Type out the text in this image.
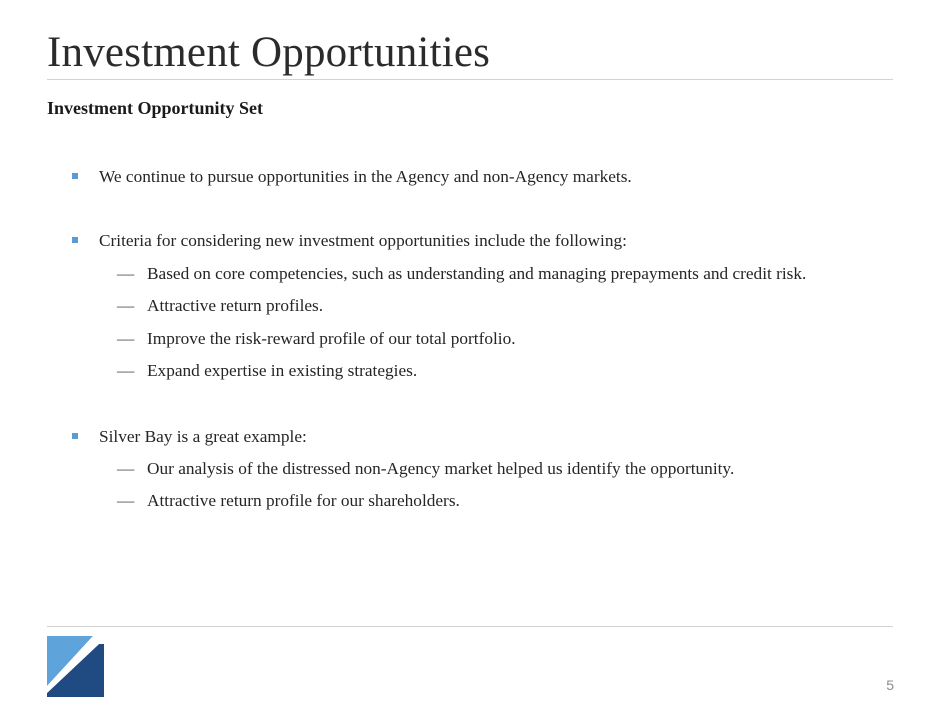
Investment Opportunities
Investment Opportunity Set
We continue to pursue opportunities in the Agency and non-Agency markets.
Criteria for considering new investment opportunities include the following:
— Based on core competencies, such as understanding and managing prepayments and credit risk.
— Attractive return profiles.
— Improve the risk-reward profile of our total portfolio.
— Expand expertise in existing strategies.
Silver Bay is a great example:
— Our analysis of the distressed non-Agency market helped us identify the opportunity.
— Attractive return profile for our shareholders.
5
